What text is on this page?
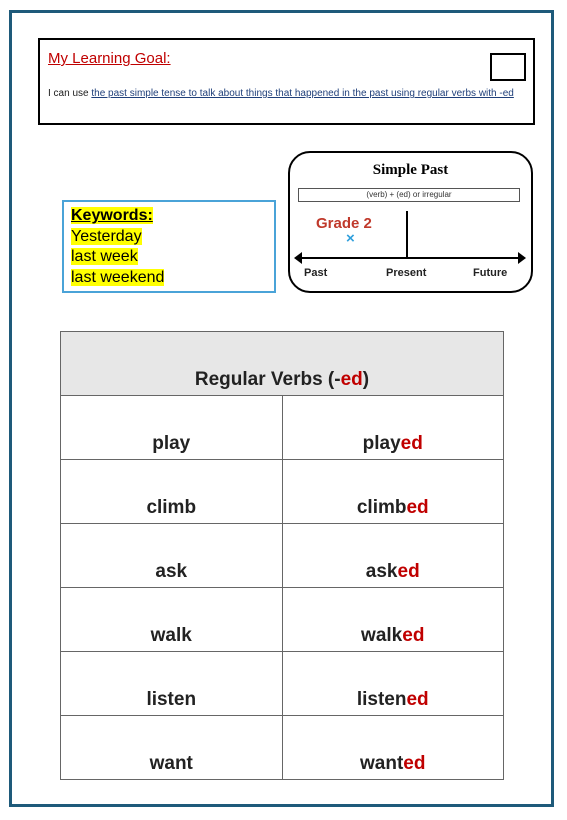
My Learning Goal:
I can use the past simple tense to talk about things that happened in the past using regular verbs with -ed
Keywords:
Yesterday
last week
last weekend
Simple Past
(verb) + (ed) or irregular
Grade 2
×
Past	Present	Future
Regular Verbs (-ed)	
play	played
climb	climbed
ask	asked
walk	walked
listen	listened
want	wanted
